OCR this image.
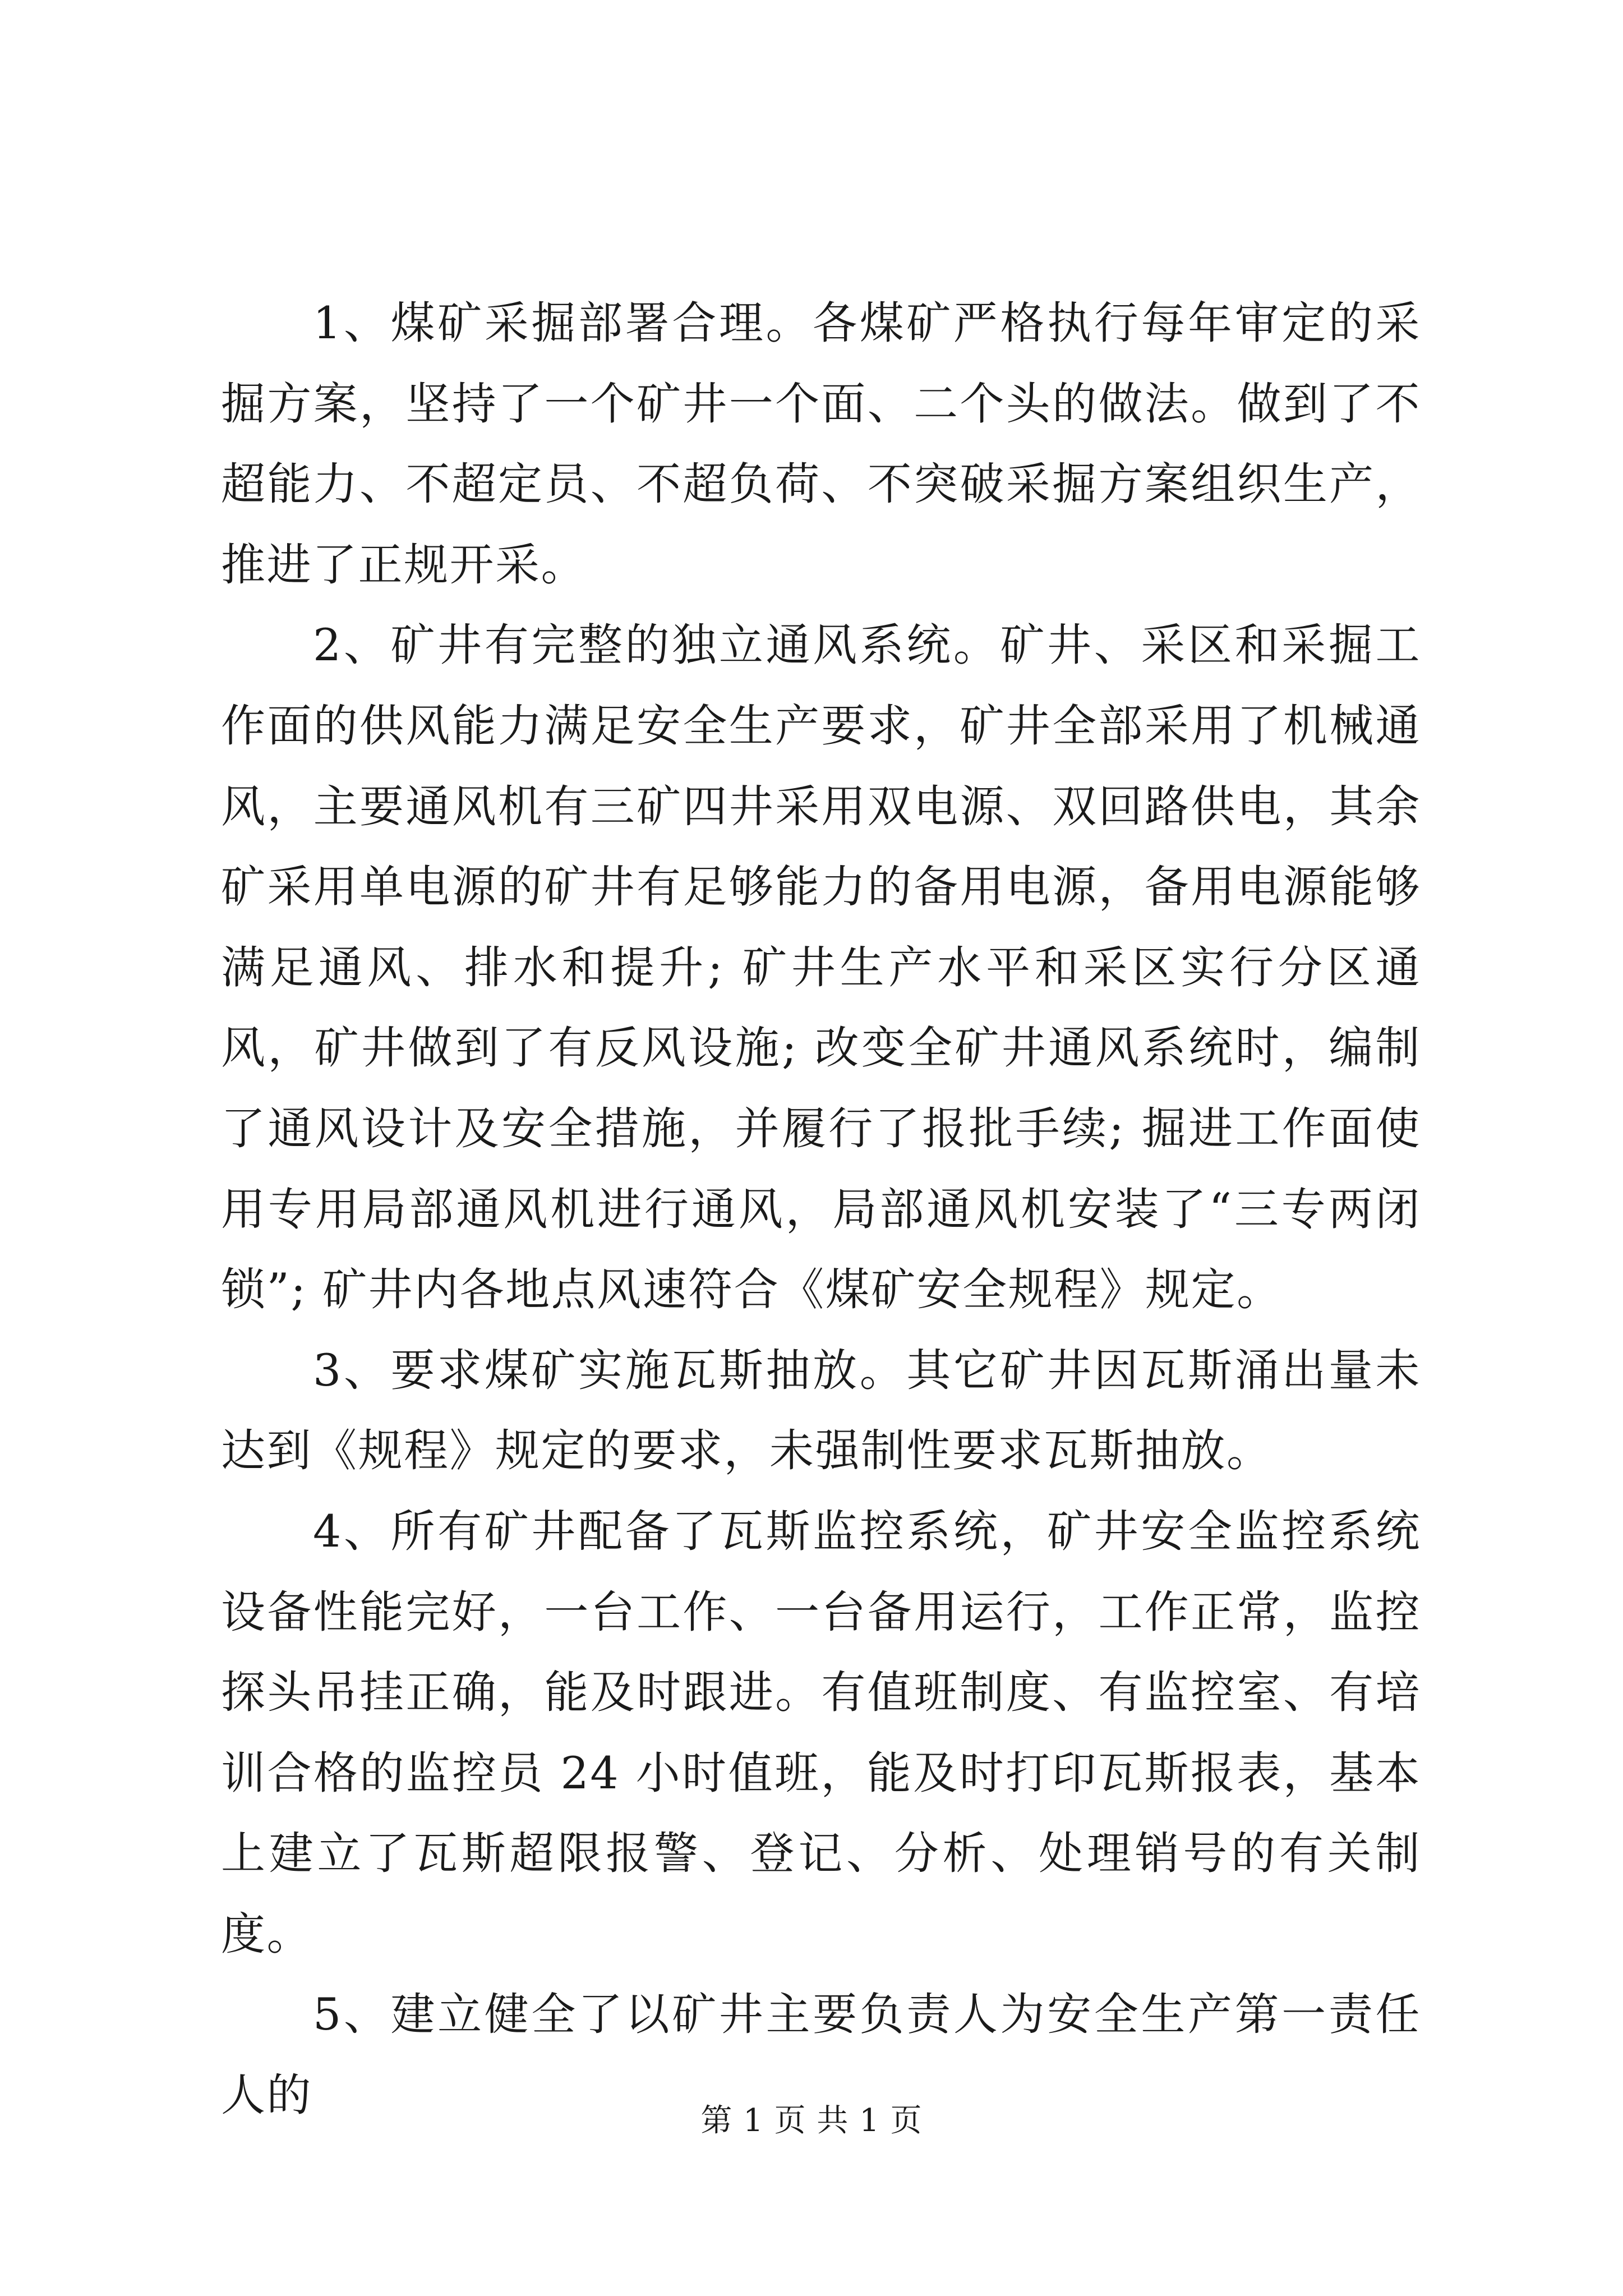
1、煤矿采掘部署合理。各煤矿严格执行每年审定的采掘方案，坚持了一个矿井一个面、二个头的做法。做到了不超能力、不超定员、不超负荷、不突破采掘方案组织生产，推进了正规开采。

2、矿井有完整的独立通风系统。矿井、采区和采掘工作面的供风能力满足安全生产要求，矿井全部采用了机械通风，主要通风机有三矿四井采用双电源、双回路供电，其余矿采用单电源的矿井有足够能力的备用电源，备用电源能够满足通风、排水和提升; 矿井生产水平和采区实行分区通风，矿井做到了有反风设施; 改变全矿井通风系统时，编制了通风设计及安全措施，并履行了报批手续; 掘进工作面使用专用局部通风机进行通风，局部通风机安装了“三专两闭锁”; 矿井内各地点风速符合《煤矿安全规程》规定。

3、要求煤矿实施瓦斯抽放。其它矿井因瓦斯涌出量未达到《规程》规定的要求，未强制性要求瓦斯抽放。

4、所有矿井配备了瓦斯监控系统，矿井安全监控系统设备性能完好，一台工作、一台备用运行，工作正常，监控探头吊挂正确，能及时跟进。有值班制度、有监控室、有培训合格的监控员 24 小时值班，能及时打印瓦斯报表，基本上建立了瓦斯超限报警、登记、分析、处理销号的有关制度。

5、建立健全了以矿井主要负责人为安全生产第一责任人的	第 1 页 共 1 页
